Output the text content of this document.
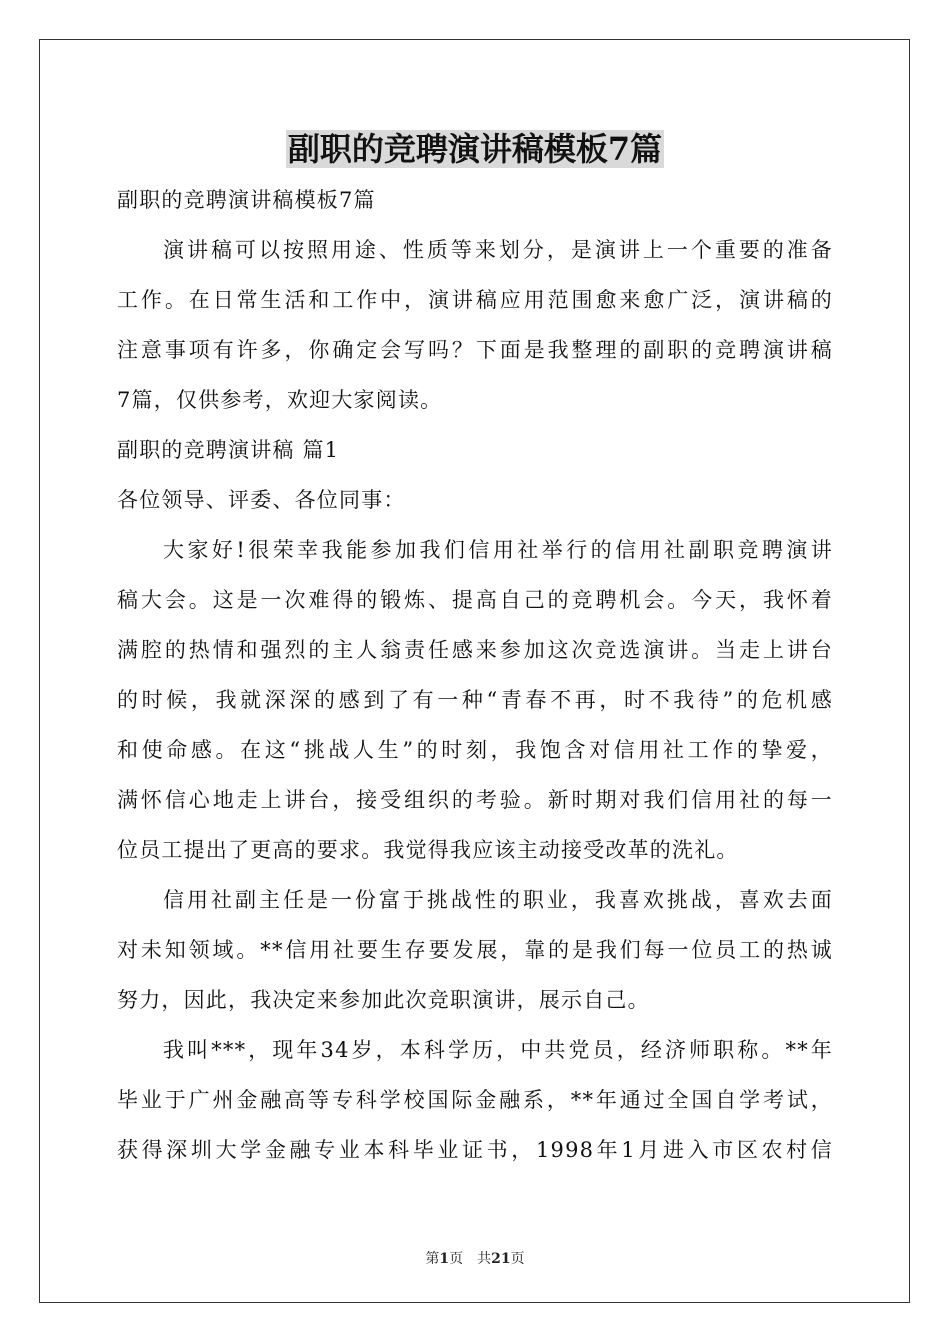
副职的竞聘演讲稿模板7篇
副职的竞聘演讲稿模板7篇
演讲稿可以按照用途、性质等来划分，是演讲上一个重要的准备
工作。在日常生活和工作中，演讲稿应用范围愈来愈广泛，演讲稿的
注意事项有许多，你确定会写吗？下面是我整理的副职的竞聘演讲稿
7篇，仅供参考，欢迎大家阅读。
副职的竞聘演讲稿 篇1
各位领导、评委、各位同事：
大家好!很荣幸我能参加我们信用社举行的信用社副职竞聘演讲
稿大会。这是一次难得的锻炼、提高自己的竞聘机会。今天，我怀着
满腔的热情和强烈的主人翁责任感来参加这次竞选演讲。当走上讲台
的时候，我就深深的感到了有一种“青春不再，时不我待”的危机感
和使命感。在这“挑战人生”的时刻，我饱含对信用社工作的挚爱，
满怀信心地走上讲台，接受组织的考验。新时期对我们信用社的每一
位员工提出了更高的要求。我觉得我应该主动接受改革的洗礼。
信用社副主任是一份富于挑战性的职业，我喜欢挑战，喜欢去面
对未知领域。**信用社要生存要发展，靠的是我们每一位员工的热诚
努力，因此，我决定来参加此次竞职演讲，展示自己。
我叫***，现年34岁，本科学历，中共党员，经济师职称。**年
毕业于广州金融高等专科学校国际金融系，**年通过全国自学考试，
获得深圳大学金融专业本科毕业证书，1998年1月进入市区农村信
第1页　共21页
